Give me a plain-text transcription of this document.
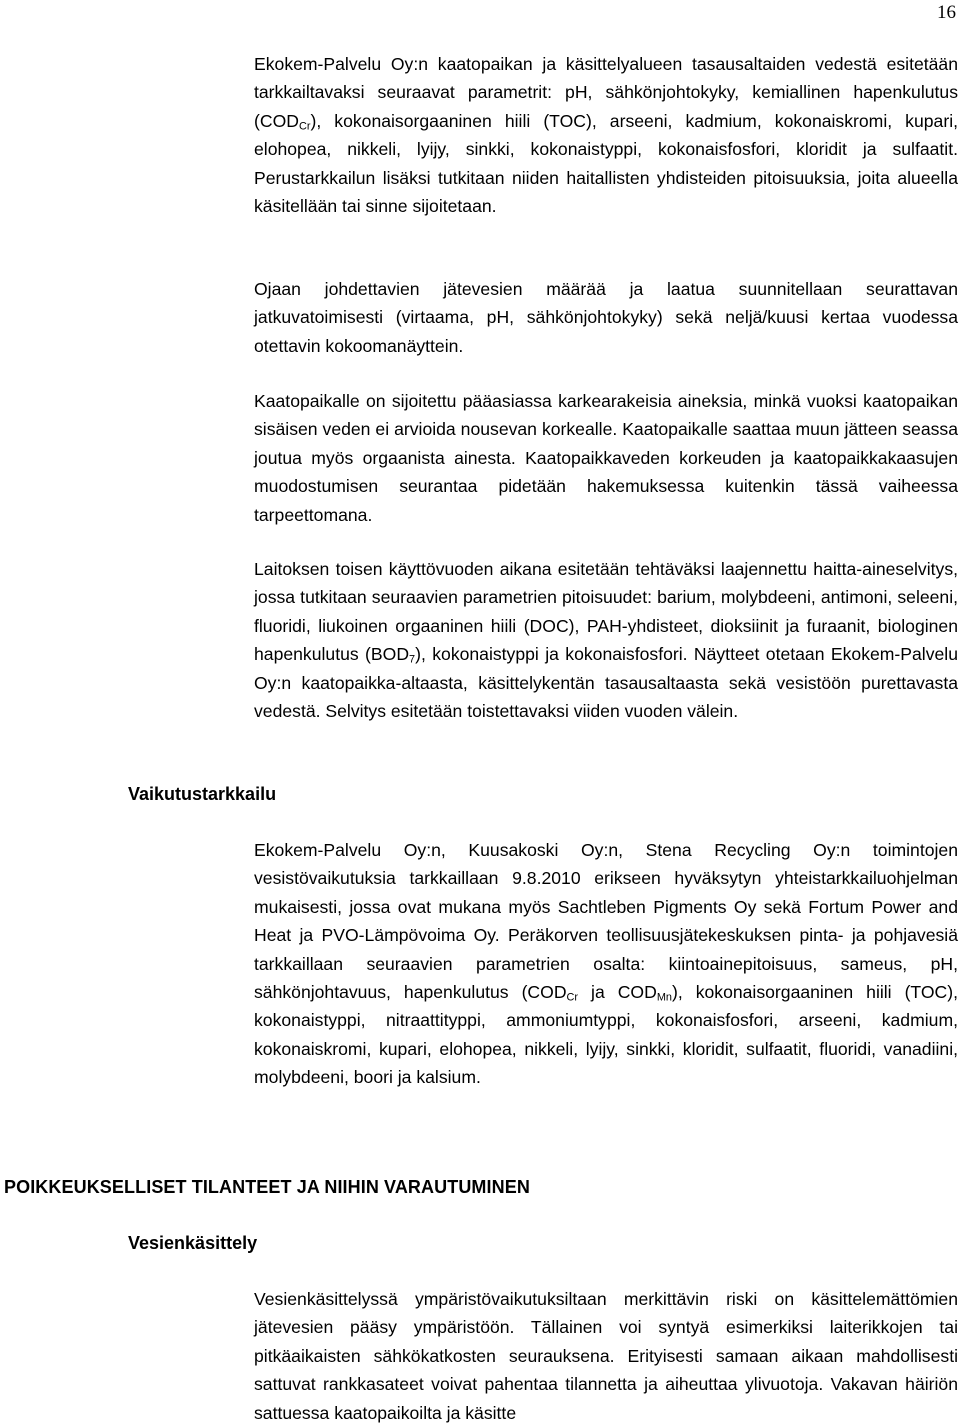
16
Ekokem-Palvelu Oy:n kaatopaikan ja käsittelyalueen tasausaltaiden vedestä esitetään tarkkailtavaksi seuraavat parametrit: pH, sähkönjohtokyky, kemiallinen hapenkulutus $(COD_{Cr})$, kokonaisorgaaninen hiili (TOC), arseeni, kadmium, kokonaiskromi, kupari, elohopea, nikkeli, lyijy, sinkki, kokonaistyppi, kokonaisfosfori, kloridit ja sulfaatit. Perustarkkailun lisäksi tutkitaan niiden haitallisten yhdisteiden pitoisuuksia, joita alueella käsitellään tai sinne sijoitetaan.
Ojaan johdettavien jätevesien määrää ja laatua suunnitellaan seurattavan jatkuvatoimisesti (virtaama, pH, sähkönjohtokyky) sekä neljä/kuusi kertaa vuodessa otettavin kokoomanäyttein.
Kaatopaikalle on sijoitettu pääasiassa karkearakeisia aineksia, minkä vuoksi kaatopaikan sisäisen veden ei arvioida nousevan korkealle. Kaatopaikalle saattaa muun jätteen seassa joutua myös orgaanista ainesta. Kaatopaikkaveden korkeuden ja kaatopaikkakaasujen muodostumisen seurantaa pidetään hakemuksessa kuitenkin tässä vaiheessa tarpeettomana.
Laitoksen toisen käyttövuoden aikana esitetään tehtäväksi laajennettu haitta-aineselvitys, jossa tutkitaan seuraavien parametrien pitoisuudet: barium, molybdeeni, antimoni, seleeni, fluoridi, liukoinen orgaaninen hiili (DOC), PAH-yhdisteet, dioksiinit ja furaanit, biologinen hapenkulutus $(BOD_7)$, kokonaistyppi ja kokonaisfosfori. Näytteet otetaan Ekokem-Palvelu Oy:n kaatopaikka-altaasta, käsittelykentän tasausaltaasta sekä vesistöön purettavasta vedestä. Selvitys esitetään toistettavaksi viiden vuoden välein.
Vaikutustarkkailu
Ekokem-Palvelu Oy:n, Kuusakoski Oy:n, Stena Recycling Oy:n toimintojen vesistövaikutuksia tarkkaillaan 9.8.2010 erikseen hyväksytyn yhteistarkkailuohjelman mukaisesti, jossa ovat mukana myös Sachtleben Pigments Oy sekä Fortum Power and Heat ja PVO-Lämpövoima Oy. Peräkorven teollisuusjätekeskuksen pinta- ja pohjavesiä tarkkaillaan seuraavien parametrien osalta: kiintoainepitoisuus, sameus, pH, sähkönjohtavuus, hapenkulutus ($COD_{Cr}$ ja $COD_{Mn}$), kokonaisorgaaninen hiili (TOC), kokonaistyppi, nitraattityppi, ammoniumtyppi, kokonaisfosfori, arseeni, kadmium, kokonaiskromi, kupari, elohopea, nikkeli, lyijy, sinkki, kloridit, sulfaatit, fluoridi, vanadiini, molybdeeni, boori ja kalsium.
POIKKEUKSELLISET TILANTEET JA NIIHIN VARAUTUMINEN
Vesienkäsittely
Vesienkäsittelyssä ympäristövaikutuksiltaan merkittävin riski on käsittelemättömien jätevesien pääsy ympäristöön. Tällainen voi syntyä esimerkiksi laiterikkojen tai pitkäaikaisten sähkökatkosten seurauksena. Erityisesti samaan aikaan mahdollisesti sattuvat rankkasateet voivat pahentaa tilannetta ja aiheuttaa ylivuotoja. Vakavan häiriön sattuessa kaatopaikoilta ja käsitte
